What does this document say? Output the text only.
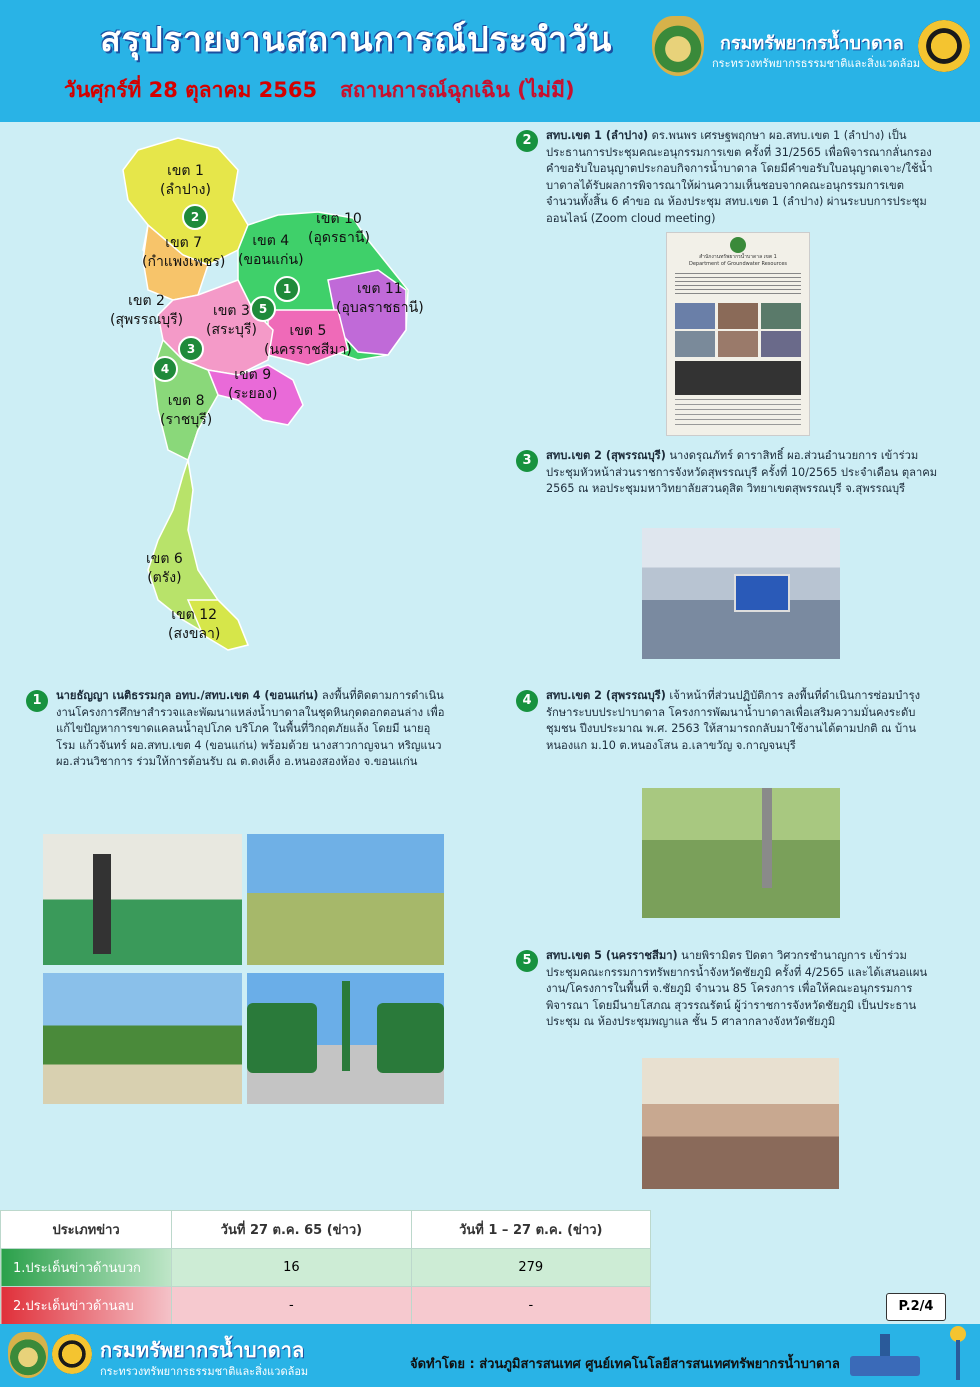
สรุปรายงานสถานการณ์ประจำวัน
วันศุกร์ที่ 28 ตุลาคม 2565 สถานการณ์ฉุกเฉิน (ไม่มี)
กรมทรัพยากรน้ำบาดาล
กระทรวงทรัพยากรธรรมชาติและสิ่งแวดล้อม
เขต 1
(ลำปาง)
เขต 7
(กำแพงเพชร)
เขต 4
(ขอนแก่น)
เขต 10
(อุดรธานี)
เขต 11
(อุบลราชธานี)
เขต 2
(สุพรรณบุรี)
เขต 3
(สระบุรี)	เขต 5
(นครราชสีมา)
เขต 9
(ระยอง)
เขต 8
(ราชบุรี)
เขต 6
(ตรัง)
เขต 12
(สงขลา)
1
2
3
4
5
2	สทบ.เขต 1 (ลำปาง) ดร.พนพร เศรษฐพฤกษา ผอ.สทบ.เขต 1 (ลำปาง) เป็นประธานการประชุมคณะอนุกรรมการเขต ครั้งที่ 31/2565 เพื่อพิจารณากลั่นกรองคำขอรับใบอนุญาตประกอบกิจการน้ำบาดาล โดยมีคำขอรับใบอนุญาตเจาะ/ใช้น้ำบาดาลได้รับผลการพิจารณาให้ผ่านความเห็นชอบจากคณะอนุกรรมการเขต จำนวนทั้งสิ้น 6 คำขอ ณ ห้องประชุม สทบ.เขต 1 (ลำปาง) ผ่านระบบการประชุมออนไลน์ (Zoom cloud meeting)
สำนักงานทรัพยากรน้ำบาดาล เขต 1
Department of Groundwater Resources
3	สทบ.เขต 2 (สุพรรณบุรี) นางดรุณภัทร์ ดาราสิทธิ์ ผอ.ส่วนอำนวยการ เข้าร่วมประชุมหัวหน้าส่วนราชการจังหวัดสุพรรณบุรี ครั้งที่ 10/2565 ประจำเดือน ตุลาคม 2565 ณ หอประชุมมหาวิทยาลัยสวนดุสิต วิทยาเขตสุพรรณบุรี จ.สุพรรณบุรี
1	นายธัญญา เนติธรรมกุล อทบ./สทบ.เขต 4 (ขอนแก่น) ลงพื้นที่ติดตามการดำเนินงานโครงการศึกษาสำรวจและพัฒนาแหล่งน้ำบาดาลในชุดหินกุดดอกตอนล่าง เพื่อแก้ไขปัญหาการขาดแคลนน้ำอุปโภค บริโภค ในพื้นที่วิกฤตภัยแล้ง โดยมี นายอุโรม แก้วจันทร์ ผอ.สทบ.เขต 4 (ขอนแก่น) พร้อมด้วย นางสาวกาญจนา หริญแนว ผอ.ส่วนวิชาการ ร่วมให้การต้อนรับ ณ ต.ดงเค็ง อ.หนองสองห้อง จ.ขอนแก่น
4	สทบ.เขต 2 (สุพรรณบุรี) เจ้าหน้าที่ส่วนปฏิบัติการ ลงพื้นที่ดำเนินการซ่อมบำรุงรักษาระบบประปาบาดาล โครงการพัฒนาน้ำบาดาลเพื่อเสริมความมั่นคงระดับชุมชน ปีงบประมาณ พ.ศ. 2563 ให้สามารถกลับมาใช้งานได้ตามปกติ ณ บ้านหนองแก ม.10 ต.หนองโสน อ.เลาขวัญ จ.กาญจนบุรี
5	สทบ.เขต 5 (นครราชสีมา) นายพิรามิตร ปิดตา วิศวกรชำนาญการ เข้าร่วมประชุมคณะกรรมการทรัพยากรน้ำจังหวัดชัยภูมิ ครั้งที่ 4/2565 และได้เสนอแผนงาน/โครงการในพื้นที่ จ.ชัยภูมิ จำนวน 85 โครงการ เพื่อให้คณะอนุกรรมการพิจารณา โดยมีนายโสภณ สุวรรณรัตน์ ผู้ว่าราชการจังหวัดชัยภูมิ เป็นประธานประชุม ณ ห้องประชุมพญาแล ชั้น 5 ศาลากลางจังหวัดชัยภูมิ
ประเภทข่าว	วันที่ 27 ต.ค. 65 (ข่าว)	วันที่ 1 – 27 ต.ค. (ข่าว)
1.ประเด็นข่าวด้านบวก	16	279
2.ประเด็นข่าวด้านลบ	-	-	P.2/4
กรมทรัพยากรน้ำบาดาล
กระทรวงทรัพยากรธรรมชาติและสิ่งแวดล้อม	จัดทำโดย : ส่วนภูมิสารสนเทศ ศูนย์เทคโนโลยีสารสนเทศทรัพยากรน้ำบาดาล
